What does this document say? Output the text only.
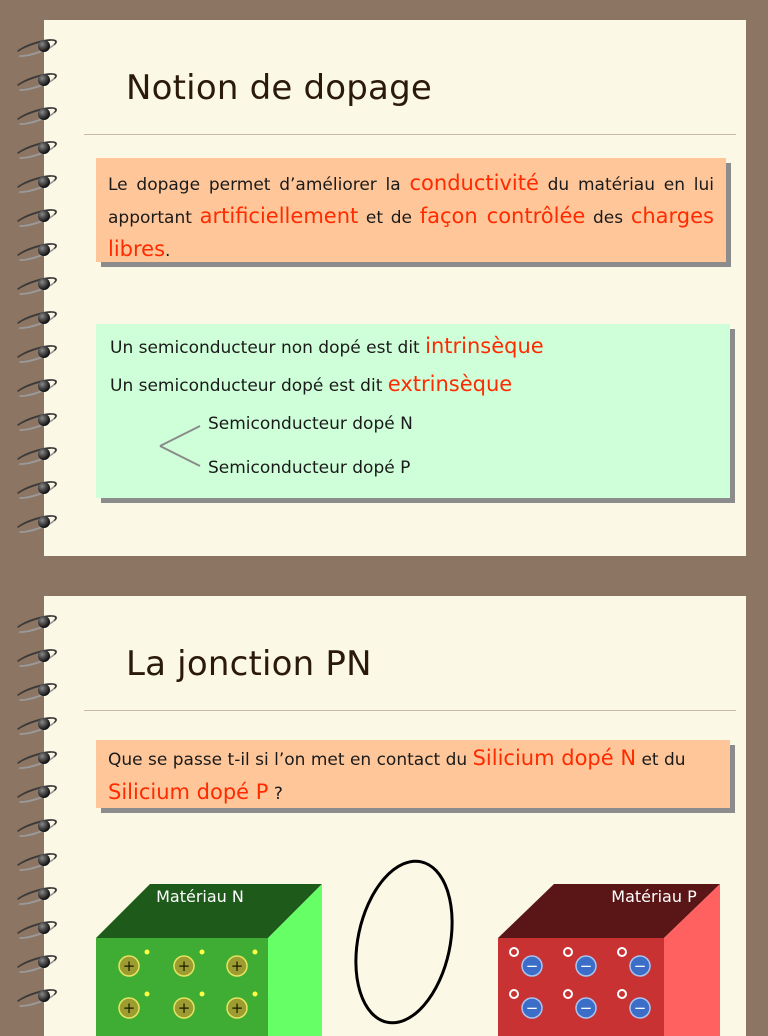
Notion de dopage

Le dopage permet d’améliorer la conductivité du matériau en lui apportant artificiellement et de façon contrôlée des charges libres.

Un semiconducteur non dopé est dit intrinsèque
Un semiconducteur dopé est dit extrinsèque
Semiconducteur dopé N
Semiconducteur dopé P
La jonction PN

Que se passe t-il si l’on met en contact du Silicium dopé N et du Silicium dopé P ?

Matériau N
+	+	+
+	+	+
Matériau P
−	−	−
−	−	−
